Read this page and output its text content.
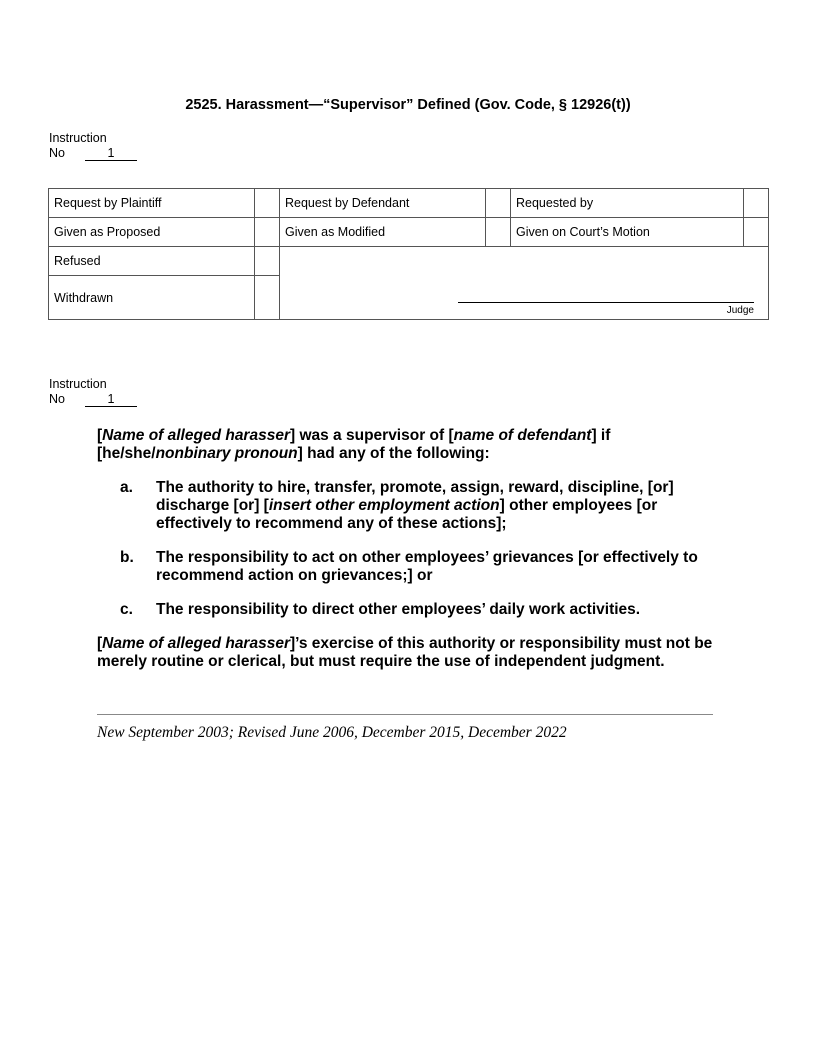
2525. Harassment—“Supervisor” Defined (Gov. Code, § 12926(t))
Instruction
No	1
Request by Plaintiff		Request by Defendant		Requested by	
Given as Proposed		Given as Modified		Given on Court’s Motion	
Refused		Judge			

Withdrawn					
Instruction
No	1

[Name of alleged harasser] was a supervisor of [name of defendant] if [he/she/nonbinary pronoun] had any of the following:

a.	The authority to hire, transfer, promote, assign, reward, discipline, [or] discharge [or] [insert other employment action] other employees [or effectively to recommend any of these actions];
b.	The responsibility to act on other employees’ grievances [or effectively to recommend action on grievances;] or
c.	The responsibility to direct other employees’ daily work activities.

[Name of alleged harasser]’s exercise of this authority or responsibility must not be merely routine or clerical, but must require the use of independent judgment.

New September 2003; Revised June 2006, December 2015, December 2022
